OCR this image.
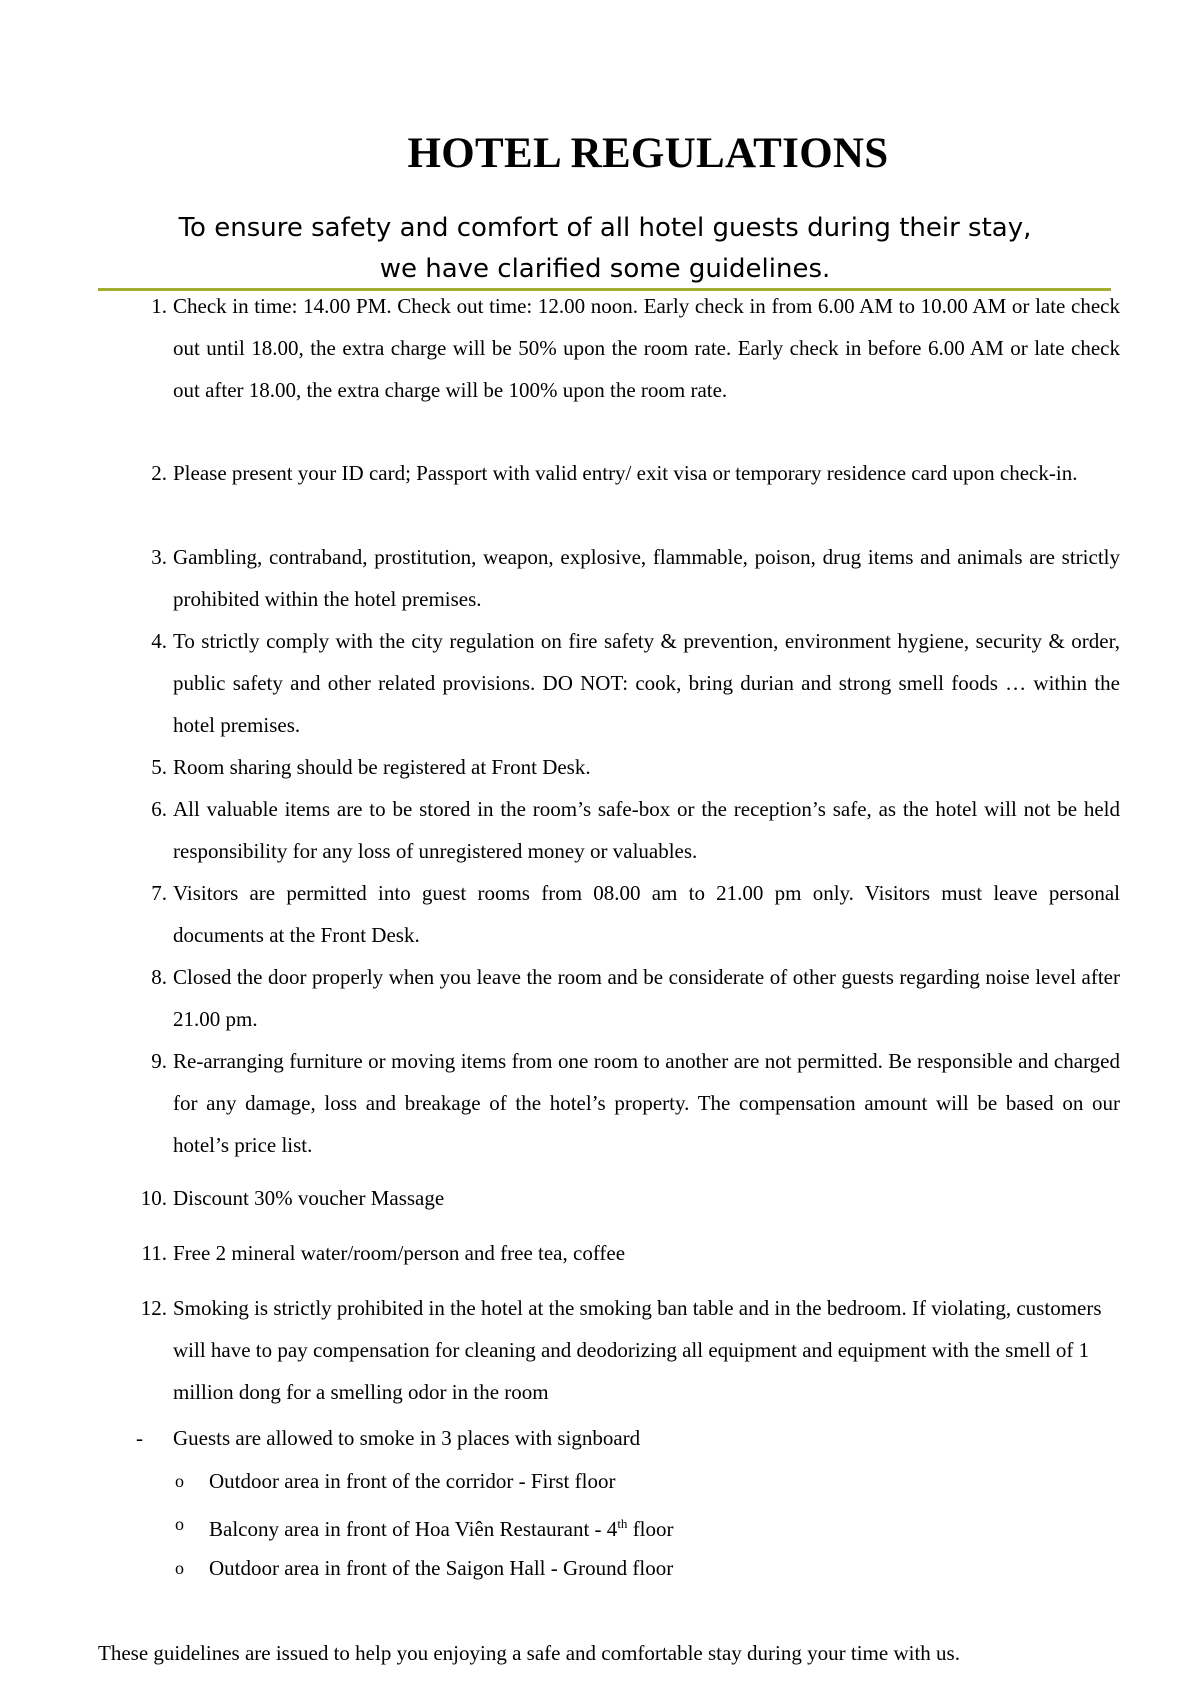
HOTEL REGULATIONS
To ensure safety and comfort of all hotel guests during their stay,
we have clarified some guidelines.
1. Check in time: 14.00 PM. Check out time: 12.00 noon. Early check in from 6.00 AM to 10.00 AM or late check out until 18.00, the extra charge will be 50% upon the room rate. Early check in before 6.00 AM or late check out after 18.00, the extra charge will be 100% upon the room rate.
2. Please present your ID card; Passport with valid entry/ exit visa or temporary residence card upon check-in.
3. Gambling, contraband, prostitution, weapon, explosive, flammable, poison, drug items and animals are strictly prohibited within the hotel premises.
4. To strictly comply with the city regulation on fire safety & prevention, environment hygiene, security & order, public safety and other related provisions. DO NOT: cook, bring durian and strong smell foods … within the hotel premises.
5. Room sharing should be registered at Front Desk.
6. All valuable items are to be stored in the room’s safe-box or the reception’s safe, as the hotel will not be held responsibility for any loss of unregistered money or valuables.
7. Visitors are permitted into guest rooms from 08.00 am to 21.00 pm only. Visitors must leave personal documents at the Front Desk.
8. Closed the door properly when you leave the room and be considerate of other guests regarding noise level after 21.00 pm.
9. Re-arranging furniture or moving items from one room to another are not permitted. Be responsible and charged for any damage, loss and breakage of the hotel’s property. The compensation amount will be based on our hotel’s price list.
10. Discount 30% voucher Massage
11. Free 2 mineral water/room/person and free tea, coffee
12. Smoking is strictly prohibited in the hotel at the smoking ban table and in the bedroom. If violating, customers will have to pay compensation for cleaning and deodorizing all equipment and equipment with the smell of 1 million dong for a smelling odor in the room
- Guests are allowed to smoke in 3 places with signboard
o Outdoor area in front of the corridor - First floor
o Balcony area in front of Hoa Viên Restaurant - 4th floor
o Outdoor area in front of the Saigon Hall - Ground floor
These guidelines are issued to help you enjoying a safe and comfortable stay during your time with us.
